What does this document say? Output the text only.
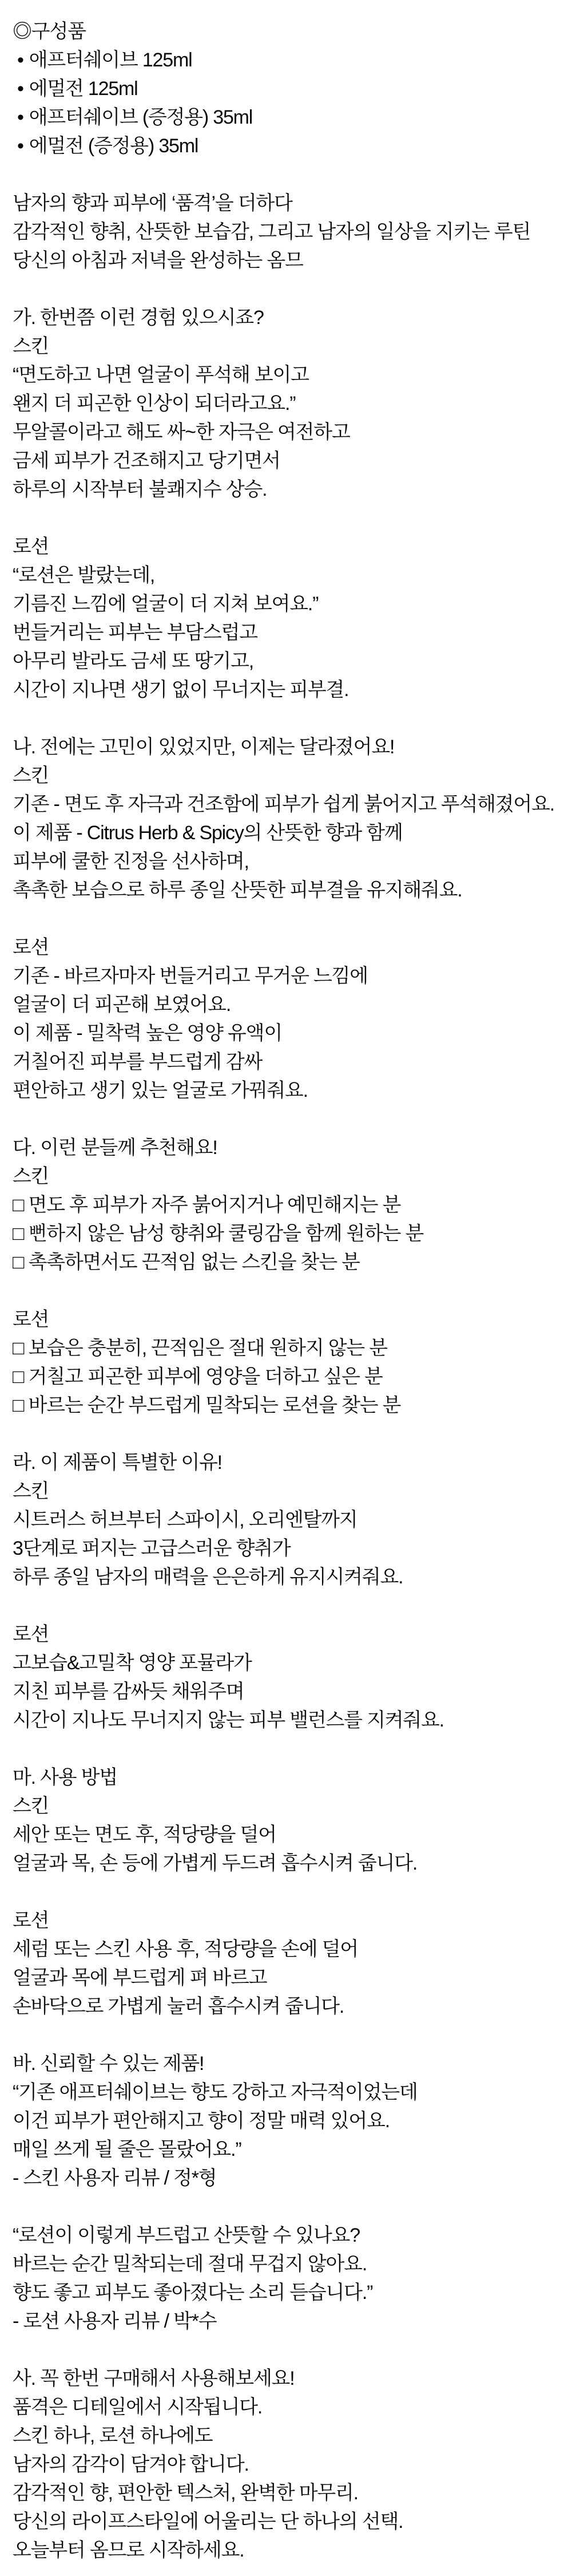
◎구성품
• 애프터쉐이브 125ml
• 에멀전 125ml
• 애프터쉐이브 (증정용) 35ml
• 에멀전 (증정용) 35ml
남자의 향과 피부에 ‘품격’을 더하다
감각적인 향취, 산뜻한 보습감, 그리고 남자의 일상을 지키는 루틴
당신의 아침과 저녁을 완성하는 옴므
가. 한번쯤 이런 경험 있으시죠?
스킨
“면도하고 나면 얼굴이 푸석해 보이고
왠지 더 피곤한 인상이 되더라고요.”
무알콜이라고 해도 싸~한 자극은 여전하고
금세 피부가 건조해지고 당기면서
하루의 시작부터 불쾌지수 상승.
로션
“로션은 발랐는데,
기름진 느낌에 얼굴이 더 지쳐 보여요.”
번들거리는 피부는 부담스럽고
아무리 발라도 금세 또 땅기고,
시간이 지나면 생기 없이 무너지는 피부결.
나. 전에는 고민이 있었지만, 이제는 달라졌어요!
스킨
기존 - 면도 후 자극과 건조함에 피부가 쉽게 붉어지고 푸석해졌어요.
이 제품 - Citrus Herb & Spicy의 산뜻한 향과 함께
피부에 쿨한 진정을 선사하며,
촉촉한 보습으로 하루 종일 산뜻한 피부결을 유지해줘요.
로션
기존 - 바르자마자 번들거리고 무거운 느낌에
얼굴이 더 피곤해 보였어요.
이 제품 - 밀착력 높은 영양 유액이
거칠어진 피부를 부드럽게 감싸
편안하고 생기 있는 얼굴로 가꿔줘요.
다. 이런 분들께 추천해요!
스킨
□ 면도 후 피부가 자주 붉어지거나 예민해지는 분
□ 뻔하지 않은 남성 향취와 쿨링감을 함께 원하는 분
□ 촉촉하면서도 끈적임 없는 스킨을 찾는 분
로션
□ 보습은 충분히, 끈적임은 절대 원하지 않는 분
□ 거칠고 피곤한 피부에 영양을 더하고 싶은 분
□ 바르는 순간 부드럽게 밀착되는 로션을 찾는 분
라. 이 제품이 특별한 이유!
스킨
시트러스 허브부터 스파이시, 오리엔탈까지
3단계로 퍼지는 고급스러운 향취가
하루 종일 남자의 매력을 은은하게 유지시켜줘요.
로션
고보습&고밀착 영양 포뮬라가
지친 피부를 감싸듯 채워주며
시간이 지나도 무너지지 않는 피부 밸런스를 지켜줘요.
마. 사용 방법
스킨
세안 또는 면도 후, 적당량을 덜어
얼굴과 목, 손 등에 가볍게 두드려 흡수시켜 줍니다.
로션
세럼 또는 스킨 사용 후, 적당량을 손에 덜어
얼굴과 목에 부드럽게 펴 바르고
손바닥으로 가볍게 눌러 흡수시켜 줍니다.
바. 신뢰할 수 있는 제품!
“기존 애프터쉐이브는 향도 강하고 자극적이었는데
이건 피부가 편안해지고 향이 정말 매력 있어요.
매일 쓰게 될 줄은 몰랐어요.”
- 스킨 사용자 리뷰 / 정*형
“로션이 이렇게 부드럽고 산뜻할 수 있나요?
바르는 순간 밀착되는데 절대 무겁지 않아요.
향도 좋고 피부도 좋아졌다는 소리 듣습니다.”
- 로션 사용자 리뷰 / 박*수
사. 꼭 한번 구매해서 사용해보세요!
품격은 디테일에서 시작됩니다.
스킨 하나, 로션 하나에도
남자의 감각이 담겨야 합니다.
감각적인 향, 편안한 텍스처, 완벽한 마무리.
당신의 라이프스타일에 어울리는 단 하나의 선택.
오늘부터 옴므로 시작하세요.
